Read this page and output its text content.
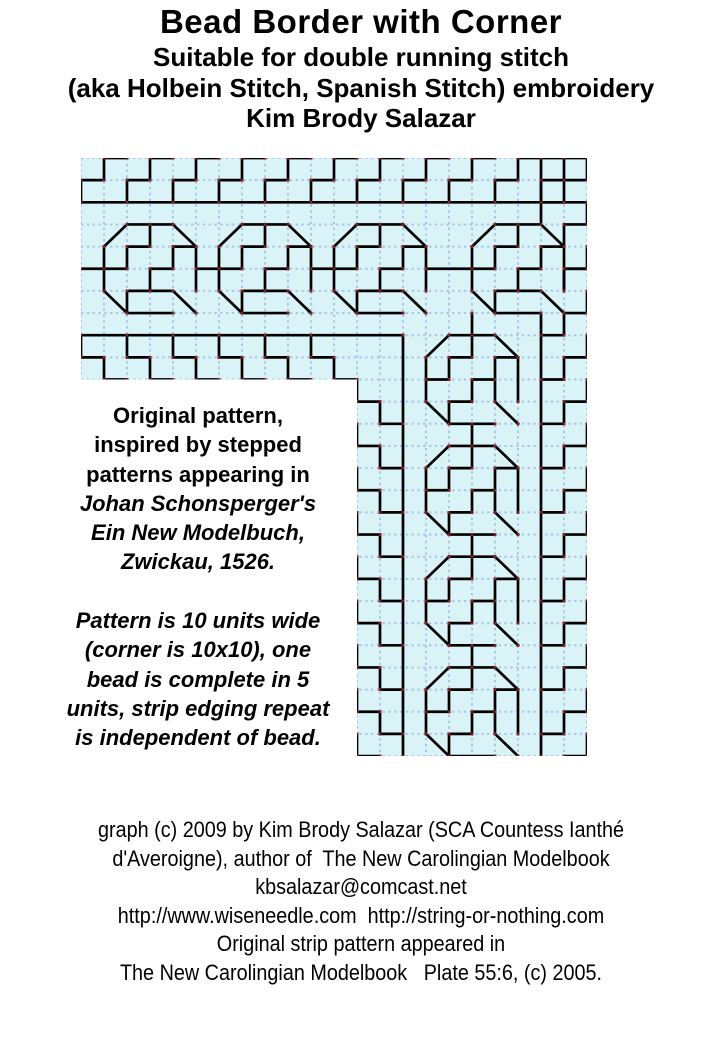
Bead Border with Corner
Suitable for double running stitch
(aka Holbein Stitch, Spanish Stitch) embroidery
Kim Brody Salazar
Original pattern,
inspired by stepped
patterns appearing in
Johan Schonsperger's
Ein New Modelbuch,
Zwickau, 1526.
Pattern is 10 units wide
(corner is 10x10), one
bead is complete in 5
units, strip edging repeat
is independent of bead.
graph (c) 2009 by Kim Brody Salazar (SCA Countess Ianthé
d'Averoigne), author of  The New Carolingian Modelbook
kbsalazar@comcast.net
http://www.wiseneedle.com  http://string-or-nothing.com
Original strip pattern appeared in
The New Carolingian Modelbook   Plate 55:6, (c) 2005.
